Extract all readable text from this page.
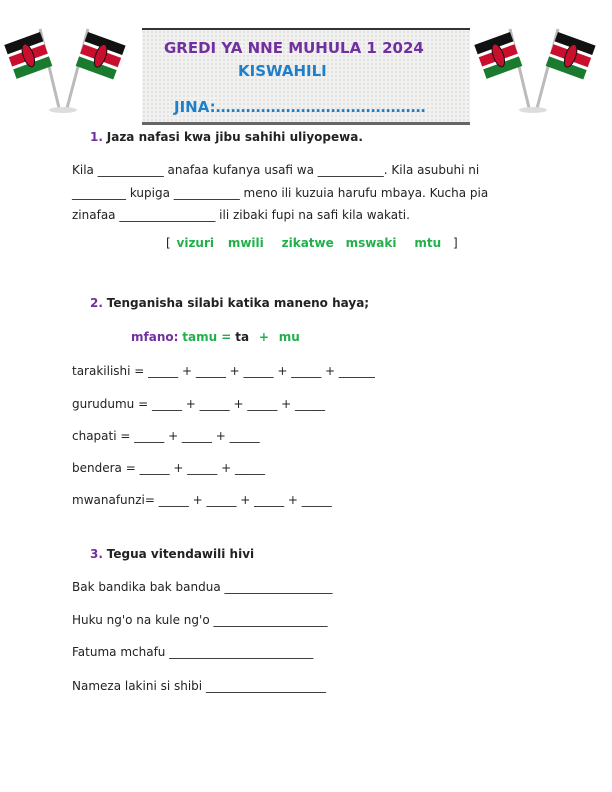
GREDI YA NNE MUHULA 1 2024
KISWAHILI
JINA:……………………………………
1. Jaza nafasi kwa jibu sahihi uliyopewa.
Kila ___________ anafaa kufanya usafi wa ___________. Kila asubuhi ni
_________ kupiga ___________ meno ili kuzuia harufu mbaya. Kucha pia
zinafaa ________________ ili zibaki fupi na safi kila wakati.
[ vizuri mwili zikatwe mswaki mtu ]
2. Tenganisha silabi katika maneno haya;
mfano: tamu = ta + mu
tarakilishi = _____ + _____ + _____ + _____ + ______
gurudumu = _____ + _____ + _____ + _____
chapati = _____ + _____ + _____
bendera = _____ + _____ + _____
mwanafunzi= _____ + _____ + _____ + _____
3. Tegua vitendawili hivi
Bak bandika bak bandua __________________
Huku ng'o na kule ng'o ___________________
Fatuma mchafu ________________________
Nameza lakini si shibi ____________________
